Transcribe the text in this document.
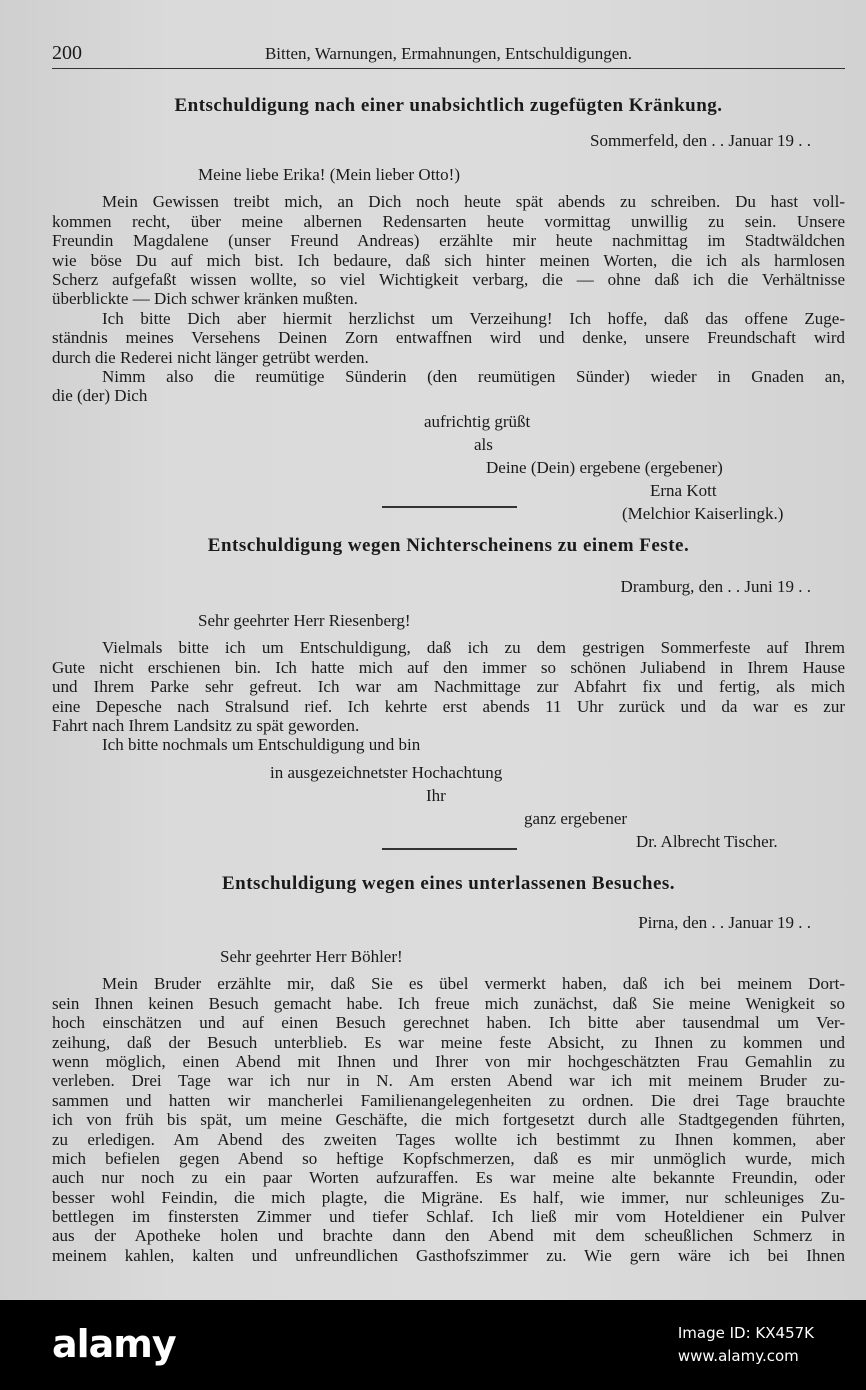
200	Bitten, Warnungen, Ermahnungen, Entschuldigungen.
Entschuldigung nach einer unabsichtlich zugefügten Kränkung.
Sommerfeld, den . . Januar 19 . .
Meine liebe Erika! (Mein lieber Otto!)
Mein Gewissen treibt mich, an Dich noch heute spät abends zu schreiben. Du hast voll-
kommen recht, über meine albernen Redensarten heute vormittag unwillig zu sein. Unsere
Freundin Magdalene (unser Freund Andreas) erzählte mir heute nachmittag im Stadtwäldchen
wie böse Du auf mich bist. Ich bedaure, daß sich hinter meinen Worten, die ich als harmlosen
Scherz aufgefaßt wissen wollte, so viel Wichtigkeit verbarg, die — ohne daß ich die Verhältnisse
überblickte — Dich schwer kränken mußten.
Ich bitte Dich aber hiermit herzlichst um Verzeihung! Ich hoffe, daß das offene Zuge-
ständnis meines Versehens Deinen Zorn entwaffnen wird und denke, unsere Freundschaft wird
durch die Rederei nicht länger getrübt werden.
Nimm also die reumütige Sünderin (den reumütigen Sünder) wieder in Gnaden an,
die (der) Dich
aufrichtig grüßt
als
Deine (Dein) ergebene (ergebener)
Erna Kott
(Melchior Kaiserlingk.)
Entschuldigung wegen Nichterscheinens zu einem Feste.
Dramburg, den . . Juni 19 . .
Sehr geehrter Herr Riesenberg!
Vielmals bitte ich um Entschuldigung, daß ich zu dem gestrigen Sommerfeste auf Ihrem
Gute nicht erschienen bin. Ich hatte mich auf den immer so schönen Juliabend in Ihrem Hause
und Ihrem Parke sehr gefreut. Ich war am Nachmittage zur Abfahrt fix und fertig, als mich
eine Depesche nach Stralsund rief. Ich kehrte erst abends 11 Uhr zurück und da war es zur
Fahrt nach Ihrem Landsitz zu spät geworden.
Ich bitte nochmals um Entschuldigung und bin
in ausgezeichnetster Hochachtung
Ihr
ganz ergebener
Dr. Albrecht Tischer.
Entschuldigung wegen eines unterlassenen Besuches.
Pirna, den . . Januar 19 . .
Sehr geehrter Herr Böhler!
Mein Bruder erzählte mir, daß Sie es übel vermerkt haben, daß ich bei meinem Dort-
sein Ihnen keinen Besuch gemacht habe. Ich freue mich zunächst, daß Sie meine Wenigkeit so
hoch einschätzen und auf einen Besuch gerechnet haben. Ich bitte aber tausendmal um Ver-
zeihung, daß der Besuch unterblieb. Es war meine feste Absicht, zu Ihnen zu kommen und
wenn möglich, einen Abend mit Ihnen und Ihrer von mir hochgeschätzten Frau Gemahlin zu
verleben. Drei Tage war ich nur in N. Am ersten Abend war ich mit meinem Bruder zu-
sammen und hatten wir mancherlei Familienangelegenheiten zu ordnen. Die drei Tage brauchte
ich von früh bis spät, um meine Geschäfte, die mich fortgesetzt durch alle Stadtgegenden führten,
zu erledigen. Am Abend des zweiten Tages wollte ich bestimmt zu Ihnen kommen, aber
mich befielen gegen Abend so heftige Kopfschmerzen, daß es mir unmöglich wurde, mich
auch nur noch zu ein paar Worten aufzuraffen. Es war meine alte bekannte Freundin, oder
besser wohl Feindin, die mich plagte, die Migräne. Es half, wie immer, nur schleuniges Zu-
bettlegen im finstersten Zimmer und tiefer Schlaf. Ich ließ mir vom Hoteldiener ein Pulver
aus der Apotheke holen und brachte dann den Abend mit dem scheußlichen Schmerz in
meinem kahlen, kalten und unfreundlichen Gasthofszimmer zu. Wie gern wäre ich bei Ihnen
alamy	Image ID: KX457K
www.alamy.com
